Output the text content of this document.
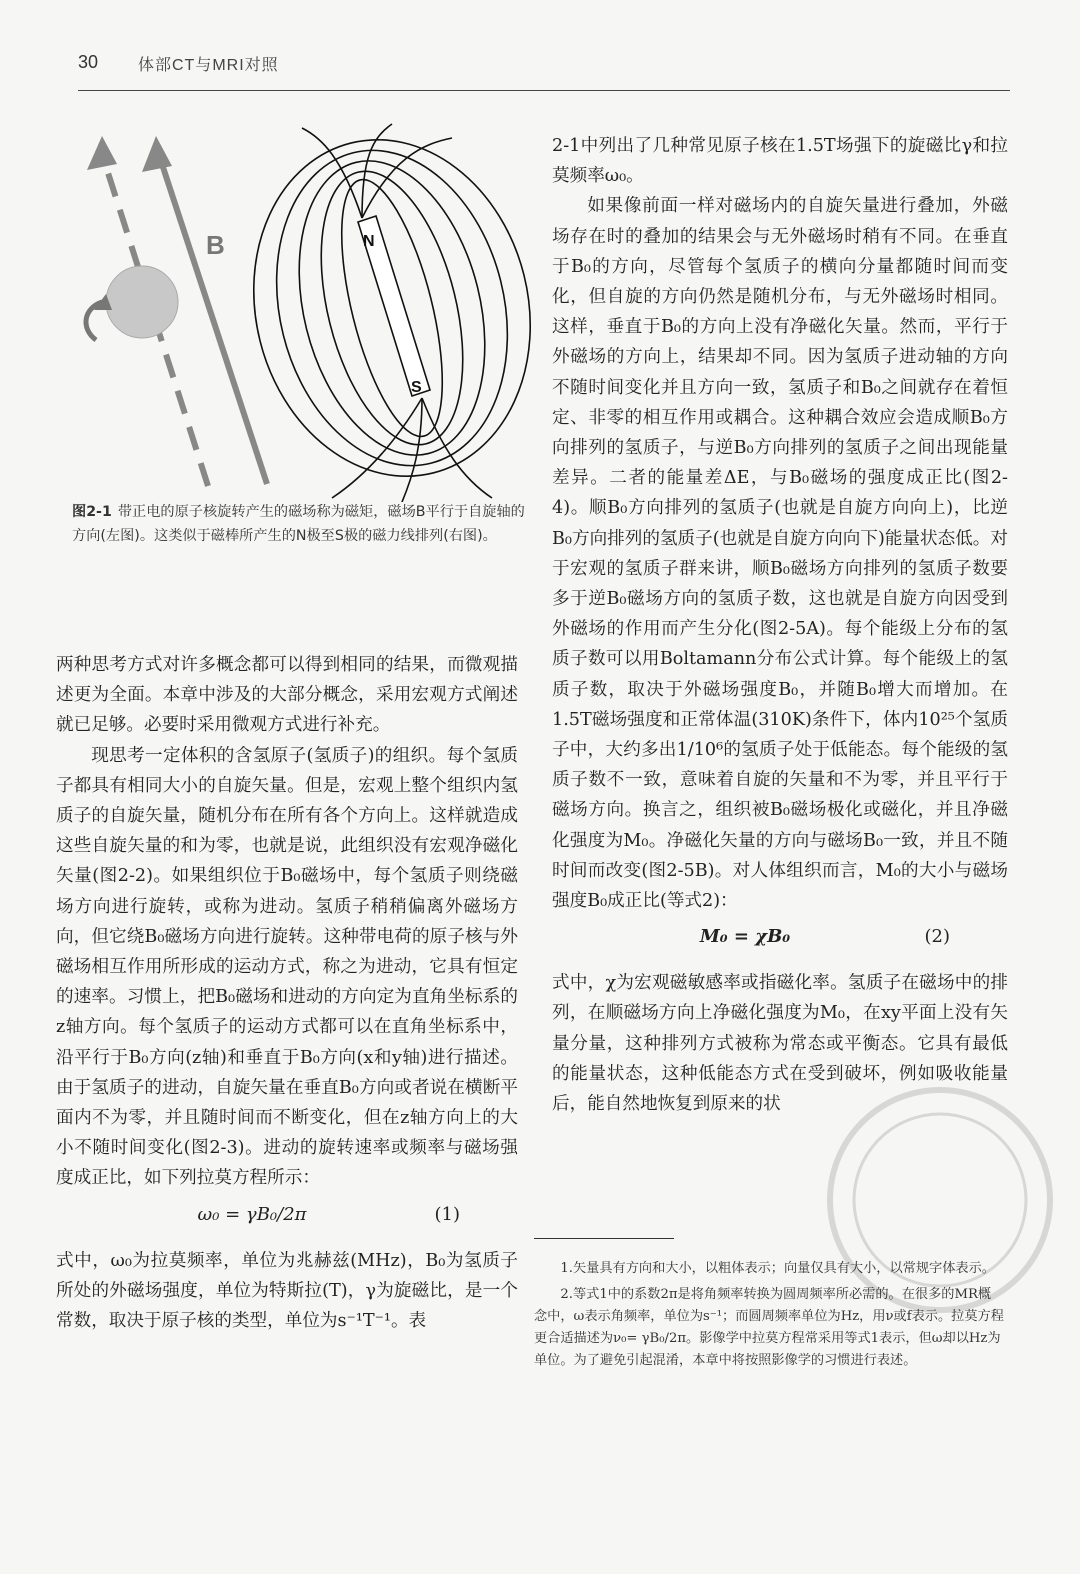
30 体部CT与MRI对照
B	N
S
图2-1 带正电的原子核旋转产生的磁场称为磁矩，磁场B平行于自旋轴的方向(左图)。这类似于磁棒所产生的N极至S极的磁力线排列(右图)。

两种思考方式对许多概念都可以得到相同的结果，而微观描述更为全面。本章中涉及的大部分概念，采用宏观方式阐述就已足够。必要时采用微观方式进行补充。

现思考一定体积的含氢原子(氢质子)的组织。每个氢质子都具有相同大小的自旋矢量。但是，宏观上整个组织内氢质子的自旋矢量，随机分布在所有各个方向上。这样就造成这些自旋矢量的和为零，也就是说，此组织没有宏观净磁化矢量(图2-2)。如果组织位于B₀磁场中，每个氢质子则绕磁场方向进行旋转，或称为进动。氢质子稍稍偏离外磁场方向，但它绕B₀磁场方向进行旋转。这种带电荷的原子核与外磁场相互作用所形成的运动方式，称之为进动，它具有恒定的速率。习惯上，把B₀磁场和进动的方向定为直角坐标系的z轴方向。每个氢质子的运动方式都可以在直角坐标系中，沿平行于B₀方向(z轴)和垂直于B₀方向(x和y轴)进行描述。由于氢质子的进动，自旋矢量在垂直B₀方向或者说在横断平面内不为零，并且随时间而不断变化，但在z轴方向上的大小不随时间变化(图2-3)。进动的旋转速率或频率与磁场强度成正比，如下列拉莫方程所示：

ω₀ = γB₀/2π	(1)

式中，ω₀为拉莫频率，单位为兆赫兹(MHz)，B₀为氢质子所处的外磁场强度，单位为特斯拉(T)，γ为旋磁比，是一个常数，取决于原子核的类型，单位为s⁻¹T⁻¹。表

2-1中列出了几种常见原子核在1.5T场强下的旋磁比γ和拉莫频率ω₀。

如果像前面一样对磁场内的自旋矢量进行叠加，外磁场存在时的叠加的结果会与无外磁场时稍有不同。在垂直于B₀的方向，尽管每个氢质子的横向分量都随时间而变化，但自旋的方向仍然是随机分布，与无外磁场时相同。这样，垂直于B₀的方向上没有净磁化矢量。然而，平行于外磁场的方向上，结果却不同。因为氢质子进动轴的方向不随时间变化并且方向一致，氢质子和B₀之间就存在着恒定、非零的相互作用或耦合。这种耦合效应会造成顺B₀方向排列的氢质子，与逆B₀方向排列的氢质子之间出现能量差异。二者的能量差ΔE，与B₀磁场的强度成正比(图2-4)。顺B₀方向排列的氢质子(也就是自旋方向向上)，比逆B₀方向排列的氢质子(也就是自旋方向向下)能量状态低。对于宏观的氢质子群来讲，顺B₀磁场方向排列的氢质子数要多于逆B₀磁场方向的氢质子数，这也就是自旋方向因受到外磁场的作用而产生分化(图2-5A)。每个能级上分布的氢质子数可以用Boltamann分布公式计算。每个能级上的氢质子数，取决于外磁场强度B₀，并随B₀增大而增加。在1.5T磁场强度和正常体温(310K)条件下，体内10²⁵个氢质子中，大约多出1/10⁶的氢质子处于低能态。每个能级的氢质子数不一致，意味着自旋的矢量和不为零，并且平行于磁场方向。换言之，组织被B₀磁场极化或磁化，并且净磁化强度为M₀。净磁化矢量的方向与磁场B₀一致，并且不随时间而改变(图2-5B)。对人体组织而言，M₀的大小与磁场强度B₀成正比(等式2)：

M₀ = χB₀	(2)

式中，χ为宏观磁敏感率或指磁化率。氢质子在磁场中的排列，在顺磁场方向上净磁化强度为M₀，在xy平面上没有矢量分量，这种排列方式被称为常态或平衡态。它具有最低的能量状态，这种低能态方式在受到破坏，例如吸收能量后，能自然地恢复到原来的状

1.矢量具有方向和大小，以粗体表示；向量仅具有大小，以常规字体表示。

2.等式1中的系数2π是将角频率转换为圆周频率所必需的。在很多的MR概念中，ω表示角频率，单位为s⁻¹；而圆周频率单位为Hz，用ν或f表示。拉莫方程更合适描述为ν₀= γB₀/2π。影像学中拉莫方程常采用等式1表示，但ω却以Hz为单位。为了避免引起混淆，本章中将按照影像学的习惯进行表述。
